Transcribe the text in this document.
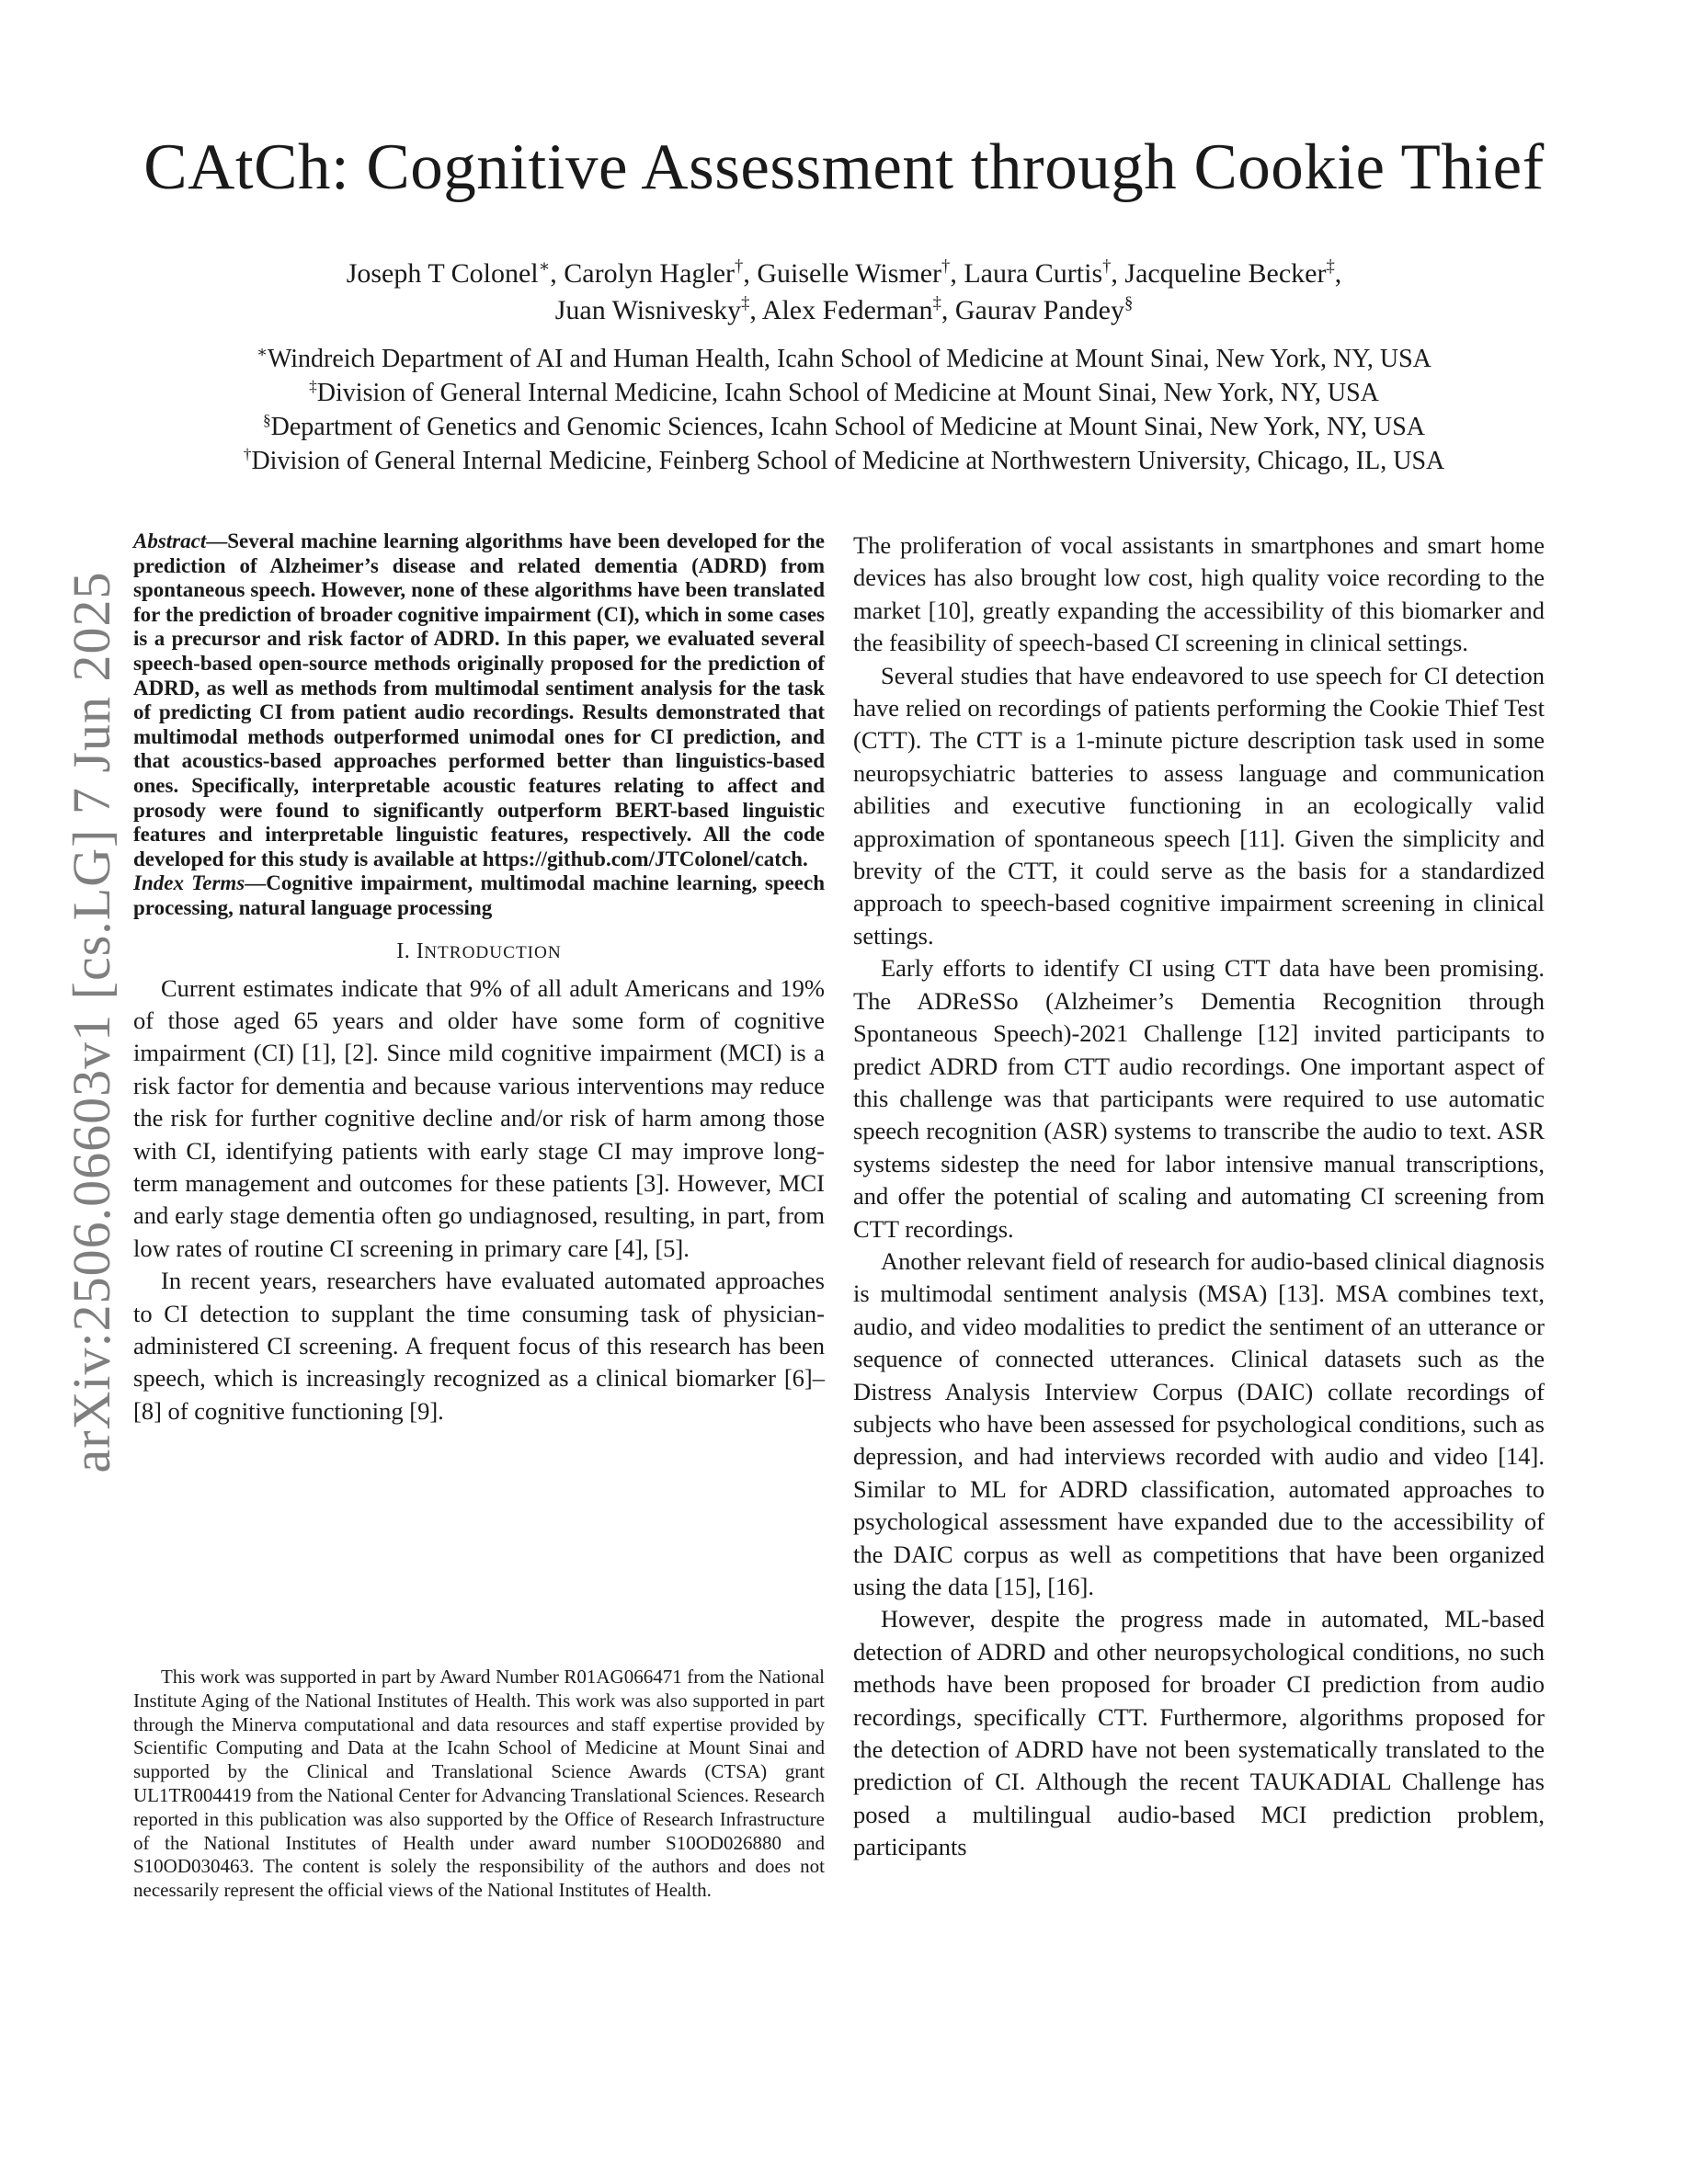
CAtCh: Cognitive Assessment through Cookie Thief
Joseph T Colonel∗, Carolyn Hagler†, Guiselle Wismer†, Laura Curtis†, Jacqueline Becker‡,
Juan Wisnivesky‡, Alex Federman‡, Gaurav Pandey§
∗Windreich Department of AI and Human Health, Icahn School of Medicine at Mount Sinai, New York, NY, USA
‡Division of General Internal Medicine, Icahn School of Medicine at Mount Sinai, New York, NY, USA
§Department of Genetics and Genomic Sciences, Icahn School of Medicine at Mount Sinai, New York, NY, USA
†Division of General Internal Medicine, Feinberg School of Medicine at Northwestern University, Chicago, IL, USA
arXiv:2506.06603v1 [cs.LG] 7 Jun 2025

Abstract—Several machine learning algorithms have been developed for the prediction of Alzheimer’s disease and related dementia (ADRD) from spontaneous speech. However, none of these algorithms have been translated for the prediction of broader cognitive impairment (CI), which in some cases is a precursor and risk factor of ADRD. In this paper, we evaluated several speech-based open-source methods originally proposed for the prediction of ADRD, as well as methods from multimodal sentiment analysis for the task of predicting CI from patient audio recordings. Results demonstrated that multimodal methods outperformed unimodal ones for CI prediction, and that acoustics-based approaches performed better than linguistics-based ones. Specifically, interpretable acoustic features relating to affect and prosody were found to significantly outperform BERT-based linguistic features and interpretable linguistic features, respectively. All the code developed for this study is available at https://github.com/JTColonel/catch.

Index Terms—Cognitive impairment, multimodal machine learning, speech processing, natural language processing

I. INTRODUCTION

Current estimates indicate that 9% of all adult Americans and 19% of those aged 65 years and older have some form of cognitive impairment (CI) [1], [2]. Since mild cognitive impairment (MCI) is a risk factor for dementia and because various interventions may reduce the risk for further cognitive decline and/or risk of harm among those with CI, identifying patients with early stage CI may improve long-term management and outcomes for these patients [3]. However, MCI and early stage dementia often go undiagnosed, resulting, in part, from low rates of routine CI screening in primary care [4], [5].

In recent years, researchers have evaluated automated approaches to CI detection to supplant the time consuming task of physician-administered CI screening. A frequent focus of this research has been speech, which is increasingly recognized as a clinical biomarker [6]–[8] of cognitive functioning [9].

This work was supported in part by Award Number R01AG066471 from the National Institute Aging of the National Institutes of Health. This work was also supported in part through the Minerva computational and data resources and staff expertise provided by Scientific Computing and Data at the Icahn School of Medicine at Mount Sinai and supported by the Clinical and Translational Science Awards (CTSA) grant UL1TR004419 from the National Center for Advancing Translational Sciences. Research reported in this publication was also supported by the Office of Research Infrastructure of the National Institutes of Health under award number S10OD026880 and S10OD030463. The content is solely the responsibility of the authors and does not necessarily represent the official views of the National Institutes of Health.

The proliferation of vocal assistants in smartphones and smart home devices has also brought low cost, high quality voice recording to the market [10], greatly expanding the accessibility of this biomarker and the feasibility of speech-based CI screening in clinical settings.

Several studies that have endeavored to use speech for CI detection have relied on recordings of patients performing the Cookie Thief Test (CTT). The CTT is a 1-minute picture description task used in some neuropsychiatric batteries to assess language and communication abilities and executive functioning in an ecologically valid approximation of spontaneous speech [11]. Given the simplicity and brevity of the CTT, it could serve as the basis for a standardized approach to speech-based cognitive impairment screening in clinical settings.

Early efforts to identify CI using CTT data have been promising. The ADReSSo (Alzheimer’s Dementia Recognition through Spontaneous Speech)-2021 Challenge [12] invited participants to predict ADRD from CTT audio recordings. One important aspect of this challenge was that participants were required to use automatic speech recognition (ASR) systems to transcribe the audio to text. ASR systems sidestep the need for labor intensive manual transcriptions, and offer the potential of scaling and automating CI screening from CTT recordings.

Another relevant field of research for audio-based clinical diagnosis is multimodal sentiment analysis (MSA) [13]. MSA combines text, audio, and video modalities to predict the sentiment of an utterance or sequence of connected utterances. Clinical datasets such as the Distress Analysis Interview Corpus (DAIC) collate recordings of subjects who have been assessed for psychological conditions, such as depression, and had interviews recorded with audio and video [14]. Similar to ML for ADRD classification, automated approaches to psychological assessment have expanded due to the accessibility of the DAIC corpus as well as competitions that have been organized using the data [15], [16].

However, despite the progress made in automated, ML-based detection of ADRD and other neuropsychological conditions, no such methods have been proposed for broader CI prediction from audio recordings, specifically CTT. Furthermore, algorithms proposed for the detection of ADRD have not been systematically translated to the prediction of CI. Although the recent TAUKADIAL Challenge has posed a multilingual audio-based MCI prediction problem, participants
